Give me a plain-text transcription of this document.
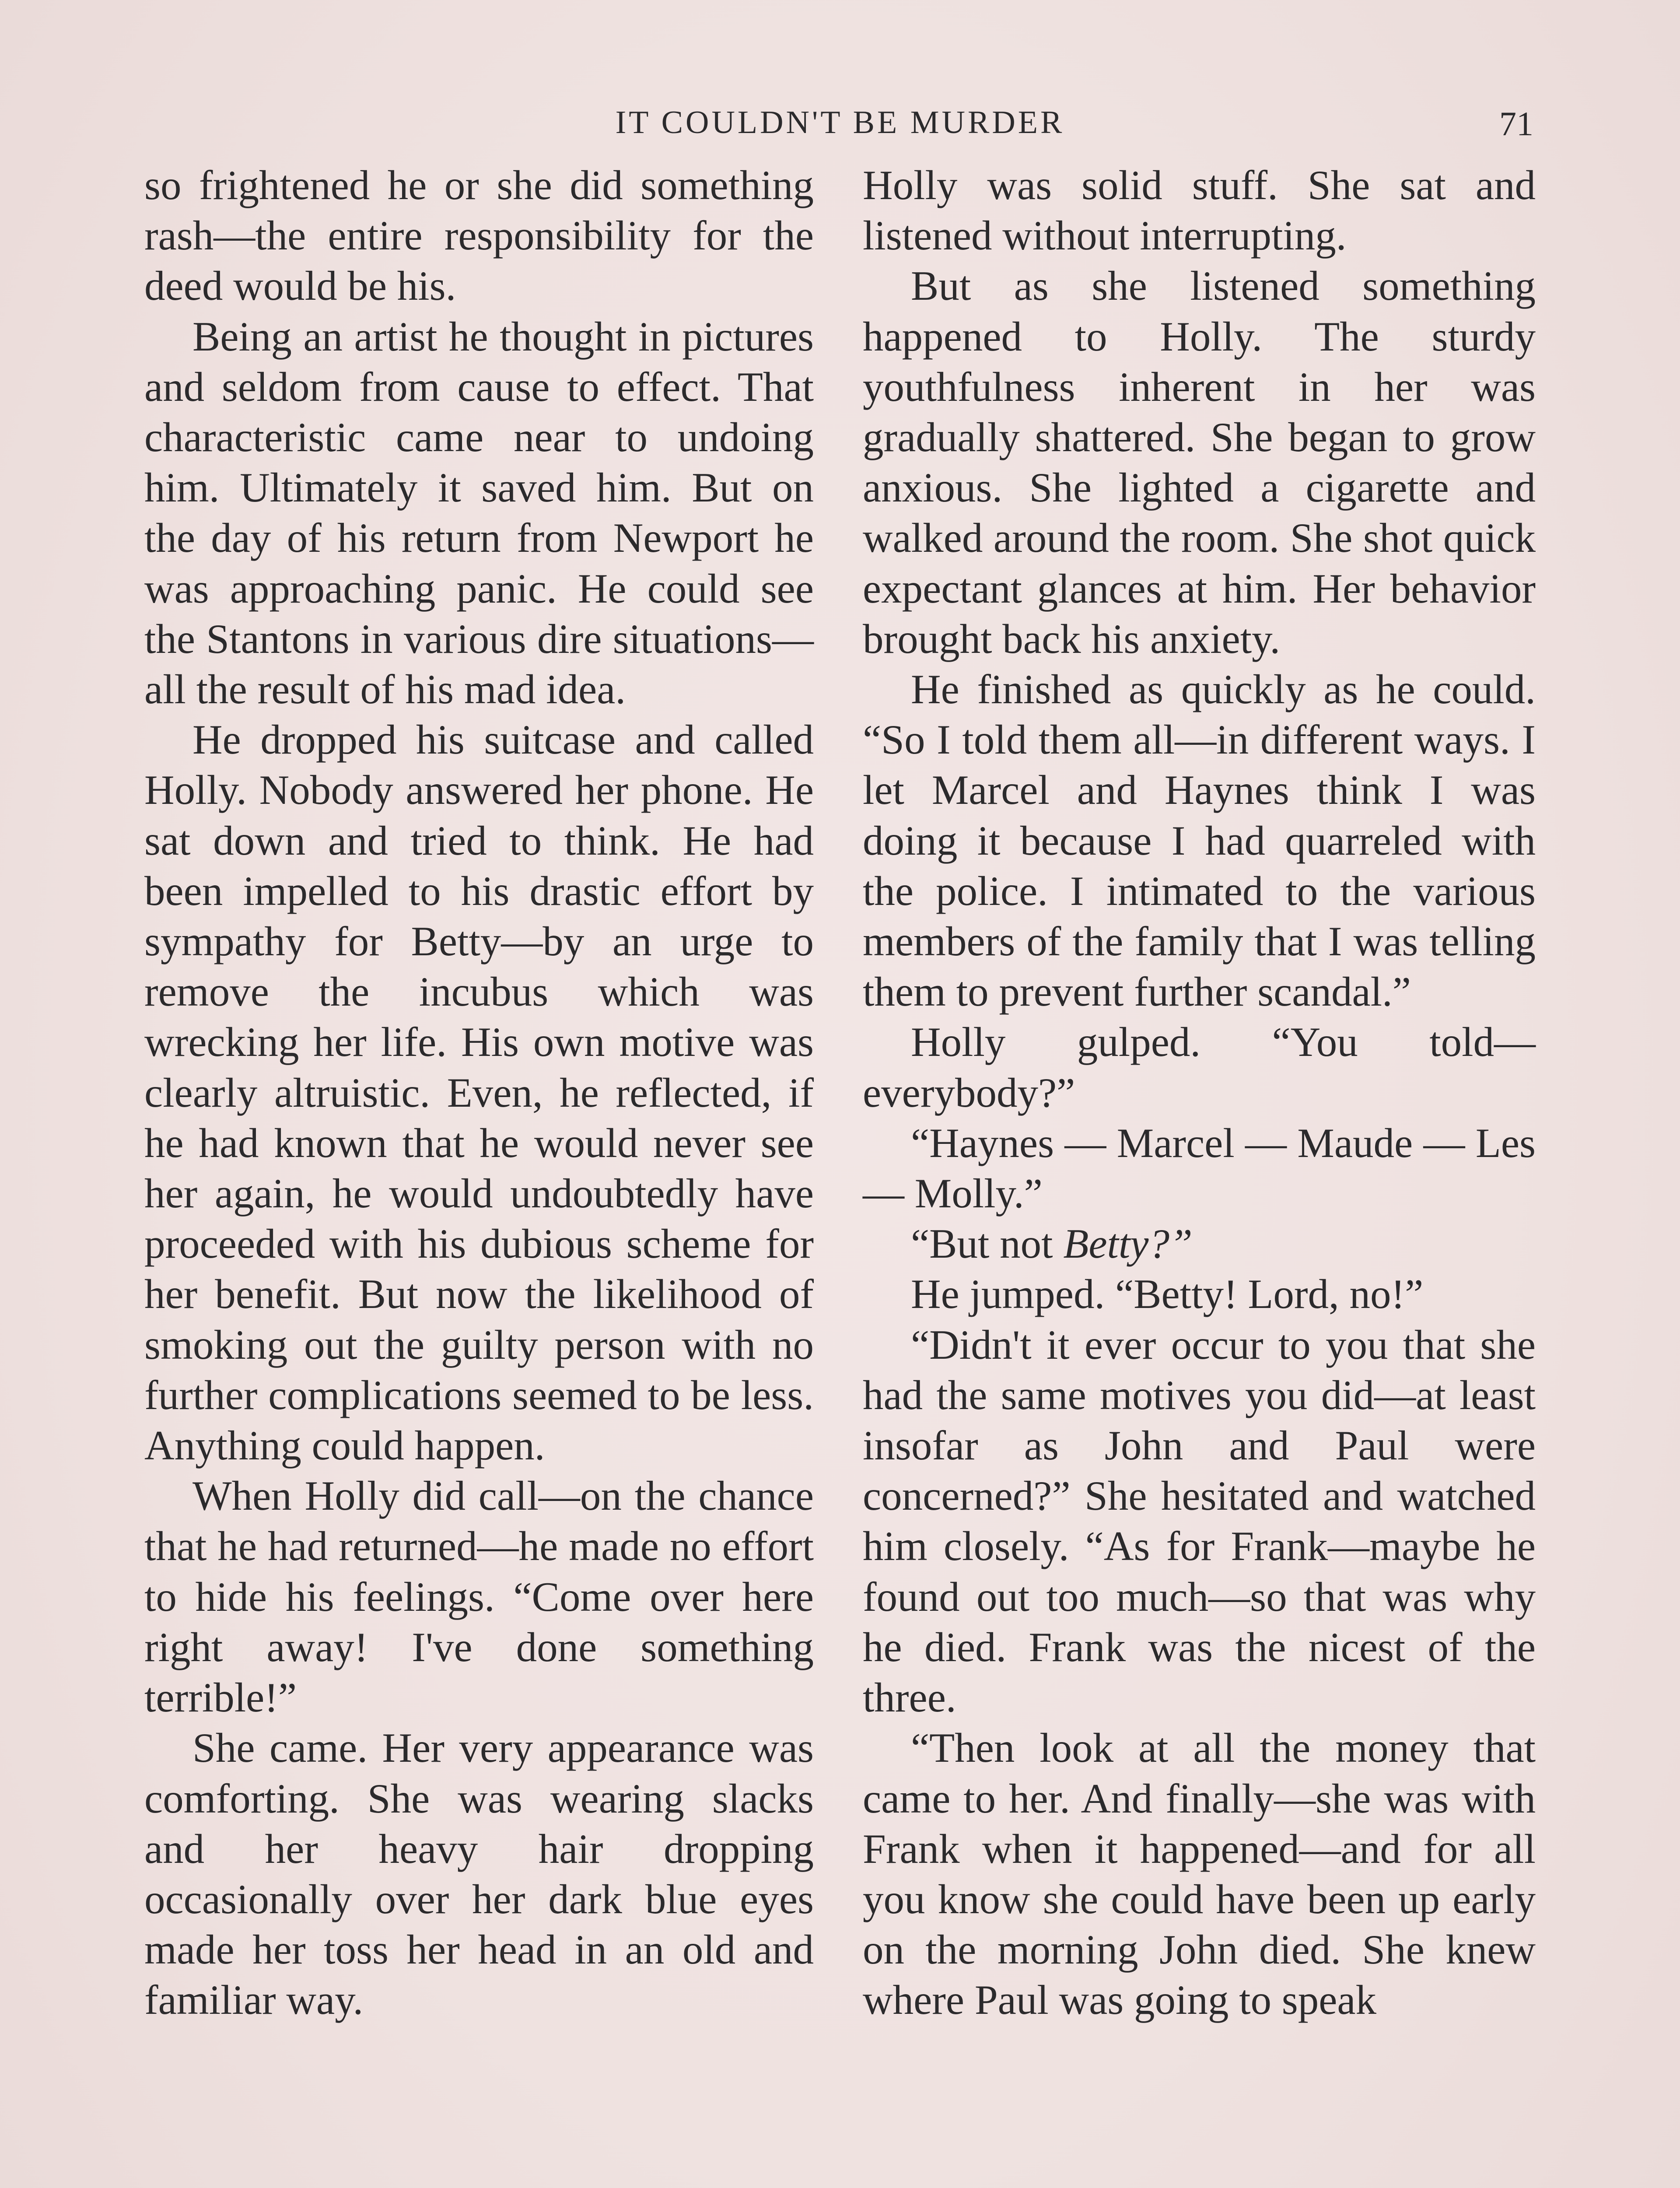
IT COULDN'T BE MURDER	71

so frightened he or she did something rash—the entire responsibility for the deed would be his.

Being an artist he thought in pictures and seldom from cause to effect. That characteristic came near to undoing him. Ultimately it saved him. But on the day of his return from Newport he was approaching panic. He could see the Stantons in various dire situations—all the result of his mad idea.

He dropped his suitcase and called Holly. Nobody answered her phone. He sat down and tried to think. He had been impelled to his drastic effort by sympathy for Betty—by an urge to remove the incubus which was wrecking her life. His own motive was clearly altruistic. Even, he reflected, if he had known that he would never see her again, he would undoubtedly have proceeded with his dubious scheme for her benefit. But now the likelihood of smoking out the guilty person with no further complications seemed to be less. Anything could happen.

When Holly did call—on the chance that he had returned—he made no effort to hide his feelings. “Come over here right away! I've done something terrible!”

She came. Her very appearance was comforting. She was wearing slacks and her heavy hair dropping occasionally over her dark blue eyes made her toss her head in an old and familiar way.

Holly was solid stuff. She sat and listened without interrupting.

But as she listened something happened to Holly. The sturdy youthfulness inherent in her was gradually shattered. She began to grow anxious. She lighted a cigarette and walked around the room. She shot quick expectant glances at him. Her behavior brought back his anxiety.

He finished as quickly as he could. “So I told them all—in different ways. I let Marcel and Haynes think I was doing it because I had quarreled with the police. I intimated to the various members of the family that I was telling them to prevent further scandal.”

Holly gulped. “You told—everybody?”

“Haynes — Marcel — Maude — Les — Molly.”

“But not Betty?”

He jumped. “Betty! Lord, no!”

“Didn't it ever occur to you that she had the same motives you did—at least insofar as John and Paul were concerned?” She hesitated and watched him closely. “As for Frank—maybe he found out too much—so that was why he died. Frank was the nicest of the three.

“Then look at all the money that came to her. And finally—she was with Frank when it happened—and for all you know she could have been up early on the morning John died. She knew where Paul was going to speak
